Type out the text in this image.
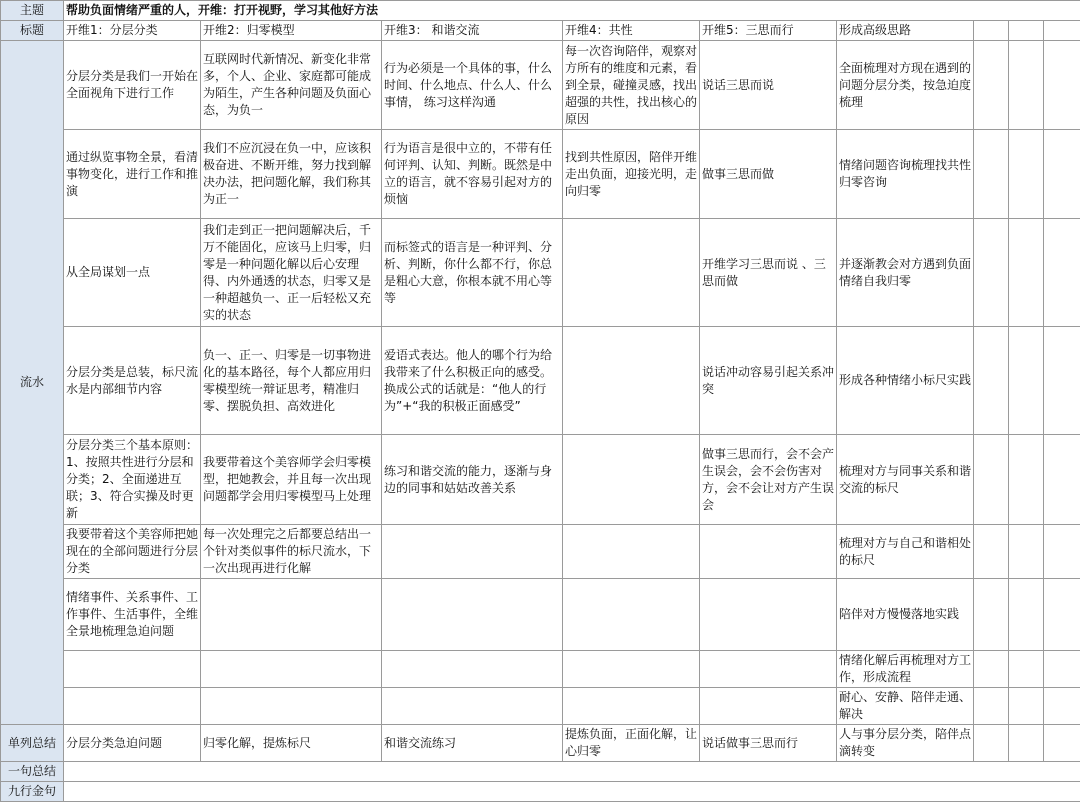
主题	帮助负面情绪严重的人，开维：打开视野，学习其他好方法								
标题	开维1：分层分类	开维2：归零模型	开维3： 和谐交流	开维4：共性	开维5：三思而行	形成高级思路			
流水	分层分类是我们一开始在全面视角下进行工作	互联网时代新情况、新变化非常多，个人、企业、家庭都可能成为陌生，产生各种问题及负面心态，为负一	行为必须是一个具体的事，什么时间、什么地点、什么人、什么事情， 练习这样沟通	每一次咨询陪伴，观察对方所有的维度和元素，看到全景，碰撞灵感，找出超强的共性，找出核心的原因	说话三思而说	全面梳理对方现在遇到的问题分层分类，按急迫度梳理			
	通过纵览事物全景，看清事物变化，进行工作和推演	我们不应沉浸在负一中，应该积极奋进、不断开维，努力找到解决办法，把问题化解，我们称其为正一	行为语言是很中立的，不带有任何评判、认知、判断。既然是中立的语言，就不容易引起对方的烦恼	找到共性原因，陪伴开维走出负面，迎接光明，走向归零	做事三思而做	情绪问题咨询梳理找共性归零咨询			
	从全局谋划一点	我们走到正一把问题解决后，千万不能固化，应该马上归零，归零是一种问题化解以后心安理得、内外通透的状态，归零又是一种超越负一、正一后轻松又充实的状态	而标签式的语言是一种评判、分析、判断，你什么都不行，你总是粗心大意，你根本就不用心等等		开维学习三思而说 、三思而做	并逐渐教会对方遇到负面情绪自我归零			
	分层分类是总装，标尺流水是内部细节内容	负一、正一、归零是一切事物进化的基本路径，每个人都应用归零模型统一辩证思考，精准归零、摆脱负担、高效进化	爱语式表达。他人的哪个行为给我带来了什么积极正向的感受。换成公式的话就是：“他人的行为”+“我的积极正面感受”		说话冲动容易引起关系冲突	形成各种情绪小标尺实践			
	分层分类三个基本原则：1、按照共性进行分层和分类；2、全面递进互联；3、符合实操及时更新	我要带着这个美容师学会归零模型，把她教会，并且每一次出现问题都学会用归零模型马上处理	练习和谐交流的能力，逐渐与身边的同事和姑姑改善关系		做事三思而行，会不会产生误会，会不会伤害对方，会不会让对方产生误会	梳理对方与同事关系和谐交流的标尺			
	我要带着这个美容师把她现在的全部问题进行分层分类	每一次处理完之后都要总结出一个针对类似事件的标尺流水，下一次出现再进行化解				梳理对方与自己和谐相处的标尺			
	情绪事件、关系事件、工作事件、生活事件，全维全景地梳理急迫问题					陪伴对方慢慢落地实践			
						情绪化解后再梳理对方工作，形成流程			
						耐心、安静、陪伴走通、解决			
单列总结	分层分类急迫问题	归零化解，提炼标尺	和谐交流练习	提炼负面，正面化解，让心归零	说话做事三思而行	人与事分层分类，陪伴点滴转变			
一句总结									
九行金句									
